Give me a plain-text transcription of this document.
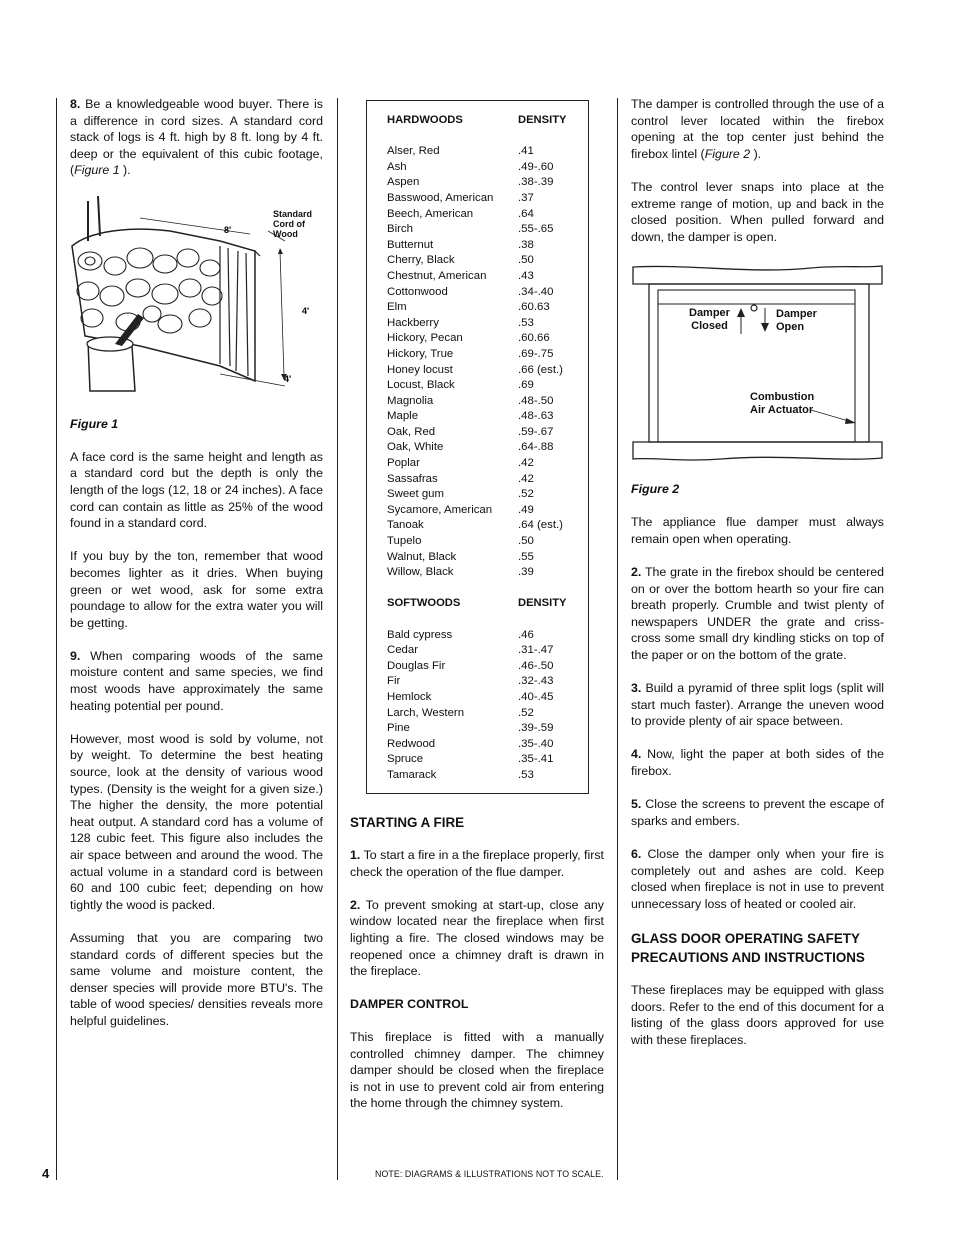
8. Be a knowledgeable wood buyer. There is a difference in cord sizes. A standard cord stack of logs is 4 ft. high by 8 ft. long by 4 ft. deep or the equivalent of this cubic footage, (Figure 1 ).

8'
4'
4'
Standard
Cord of
Wood

Figure 1

A face cord is the same height and length as a standard cord but the depth is only the length of the logs (12, 18 or 24 inches). A face cord can contain as little as 25% of the wood found in a standard cord.

If you buy by the ton, remember that wood becomes lighter as it dries. When buying green or wet wood, ask for some extra poundage to allow for the extra water you will be getting.

9. When comparing woods of the same moisture content and same species, we find most woods have approximately the same heating potential per pound.

However, most wood is sold by volume, not by weight. To determine the best heating source, look at the density of various wood types. (Density is the weight for a given size.) The higher the density, the more potential heat output. A standard cord has a volume of 128 cubic feet. This figure also includes the air space between and around the wood. The actual volume in a standard cord is between 60 and 100 cubic feet; depending on how tightly the wood is packed.

Assuming that you are comparing two standard cords of different species but the same volume and moisture content, the denser species will provide more BTU's. The table of wood species/ densities reveals more helpful guidelines.

HARDWOODS	DENSITY
Alser, Red	.41
Ash	.49-.60
Aspen	.38-.39
Basswood, American	.37
Beech, American	.64
Birch	.55-.65
Butternut	.38
Cherry, Black	.50
Chestnut, American	.43
Cottonwood	.34-.40
Elm	.60.63
Hackberry	.53
Hickory, Pecan	.60.66
Hickory, True	.69-.75
Honey locust	.66 (est.)
Locust, Black	.69
Magnolia	.48-.50
Maple	.48-.63
Oak, Red	.59-.67
Oak, White	.64-.88
Poplar	.42
Sassafras	.42
Sweet gum	.52
Sycamore, American	.49
Tanoak	.64 (est.)
Tupelo	.50
Walnut, Black	.55
Willow, Black	.39
SOFTWOODS	DENSITY
Bald cypress	.46
Cedar	.31-.47
Douglas Fir	.46-.50
Fir	.32-.43
Hemlock	.40-.45
Larch, Western	.52
Pine	.39-.59
Redwood	.35-.40
Spruce	.35-.41
Tamarack	.53
STARTING A FIRE

1. To start a fire in a the fireplace properly, first check the operation of the flue damper.

2. To prevent smoking at start-up, close any window located near the fireplace when first lighting a fire. The closed windows may be reopened once a chimney draft is drawn in the fireplace.

DAMPER CONTROL

This fireplace is fitted with a manually controlled chimney damper. The chimney damper should be closed when the fireplace is not in use to prevent cold air from entering the home through the chimney system.

The damper is controlled through the use of a control lever located within the firebox opening at the top center just behind the firebox lintel (Figure 2 ).

The control lever snaps into place at the extreme range of motion, up and back in the closed position. When pulled forward and down, the damper is open.

Damper
Closed
Damper
Open
Combustion
Air Actuator

Figure 2

The appliance flue damper must always remain open when operating.

2. The grate in the firebox should be centered on or over the bottom hearth so your fire can breath properly. Crumble and twist plenty of newspapers UNDER the grate and criss-cross some small dry kindling sticks on top of the paper or on the bottom of the grate.

3. Build a pyramid of three split logs (split will start much faster). Arrange the uneven wood to provide plenty of air space between.

4. Now, light the paper at both sides of the firebox.

5. Close the screens to prevent the escape of sparks and embers.

6. Close the damper only when your fire is completely out and ashes are cold. Keep closed when fireplace is not in use to prevent unnecessary loss of heated or cooled air.

GLASS DOOR OPERATING SAFETY PRECAUTIONS AND INSTRUCTIONS

These fireplaces may be equipped with glass doors. Refer to the end of this document for a listing of the glass doors approved for use with these fireplaces.

4	NOTE: DIAGRAMS & ILLUSTRATIONS NOT TO SCALE.
